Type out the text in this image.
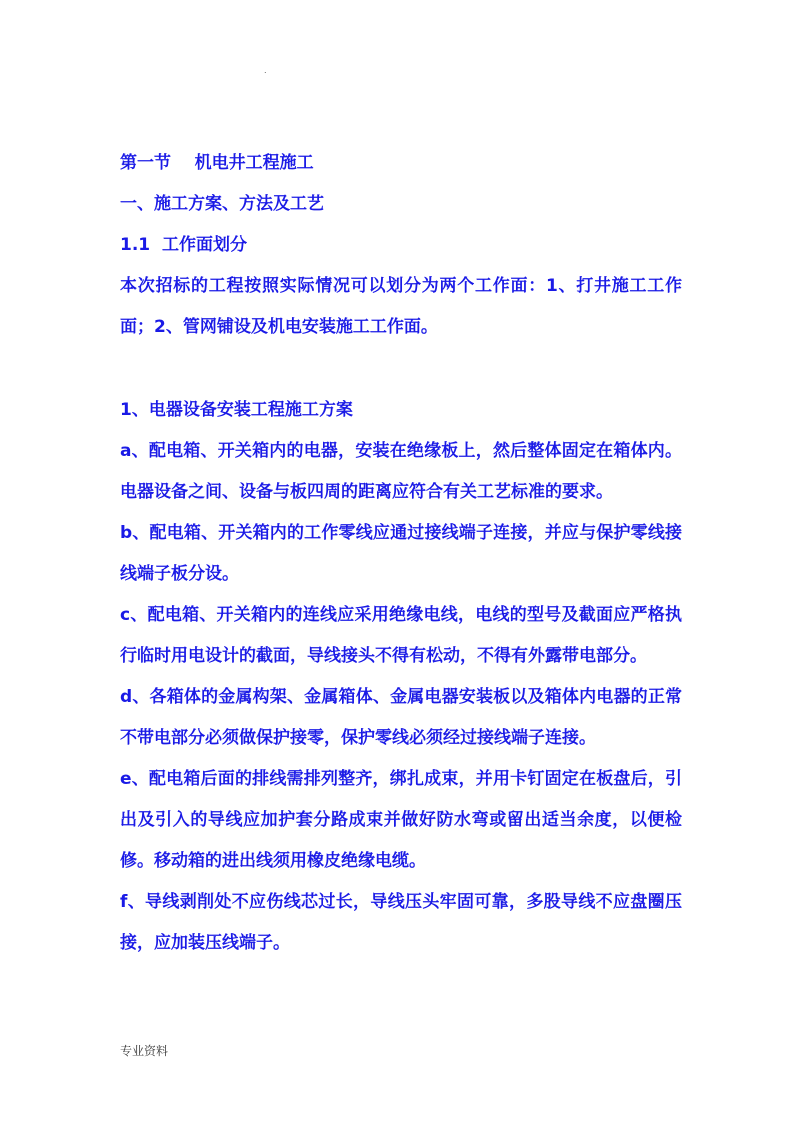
.
第一节    机电井工程施工
一、施工方案、方法及工艺
1.1  工作面划分
本次招标的工程按照实际情况可以划分为两个工作面：1、打井施工工作面；2、管网铺设及机电安装施工工作面。
1、电器设备安装工程施工方案
a、配电箱、开关箱内的电器，安装在绝缘板上，然后整体固定在箱体内。电器设备之间、设备与板四周的距离应符合有关工艺标准的要求。
b、配电箱、开关箱内的工作零线应通过接线端子连接，并应与保护零线接线端子板分设。
c、配电箱、开关箱内的连线应采用绝缘电线，电线的型号及截面应严格执行临时用电设计的截面，导线接头不得有松动，不得有外露带电部分。
d、各箱体的金属构架、金属箱体、金属电器安装板以及箱体内电器的正常不带电部分必须做保护接零，保护零线必须经过接线端子连接。
e、配电箱后面的排线需排列整齐，绑扎成束，并用卡钉固定在板盘后，引出及引入的导线应加护套分路成束并做好防水弯或留出适当余度，以便检修。移动箱的进出线须用橡皮绝缘电缆。
f、导线剥削处不应伤线芯过长，导线压头牢固可靠，多股导线不应盘圈压接，应加装压线端子。
专业资料
